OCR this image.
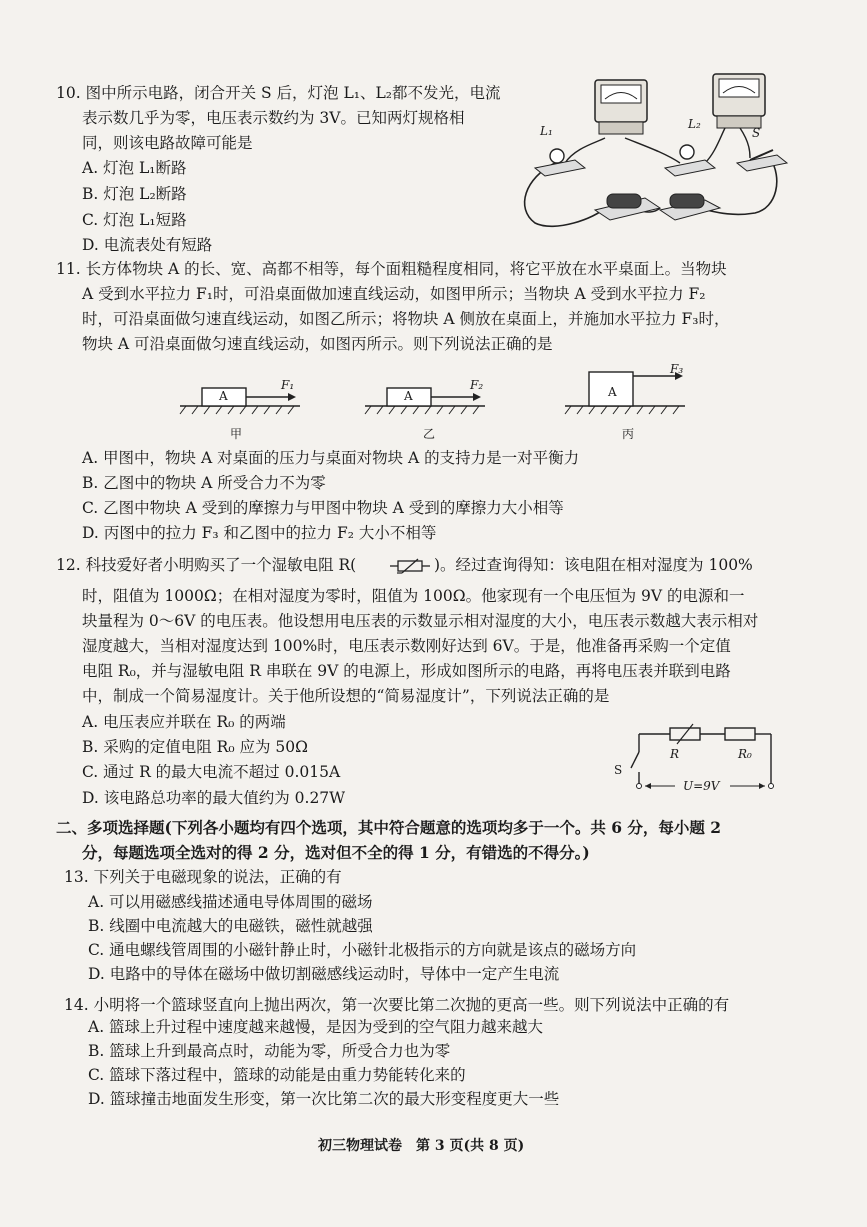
10. 图中所示电路，闭合开关 S 后，灯泡 L₁、L₂都不发光，电流
表示数几乎为零，电压表示数约为 3V。已知两灯规格相
同，则该电路故障可能是
A. 灯泡 L₁断路
B. 灯泡 L₂断路
C. 灯泡 L₁短路
D. 电流表处有短路
L₁	L₂
S
11. 长方体物块 A 的长、宽、高都不相等，每个面粗糙程度相同，将它平放在水平桌面上。当物块
A 受到水平拉力 F₁时，可沿桌面做加速直线运动，如图甲所示；当物块 A 受到水平拉力 F₂
时，可沿桌面做匀速直线运动，如图乙所示；将物块 A 侧放在桌面上，并施加水平拉力 F₃时，
物块 A 可沿桌面做匀速直线运动，如图丙所示。则下列说法正确的是
A
F₁
甲
A
F₂
乙
A
F₃
丙
A. 甲图中，物块 A 对桌面的压力与桌面对物块 A 的支持力是一对平衡力
B. 乙图中的物块 A 所受合力不为零
C. 乙图中物块 A 受到的摩擦力与甲图中物块 A 受到的摩擦力大小相等
D. 丙图中的拉力 F₃ 和乙图中的拉力 F₂ 大小不相等
12. 科技爱好者小明购买了一个湿敏电阻 R(	)。经过查询得知：该电阻在相对湿度为 100%
时，阻值为 1000Ω；在相对湿度为零时，阻值为 100Ω。他家现有一个电压恒为 9V 的电源和一
块量程为 0～6V 的电压表。他设想用电压表的示数显示相对湿度的大小，电压表示数越大表示相对
湿度越大，当相对湿度达到 100%时，电压表示数刚好达到 6V。于是，他准备再采购一个定值
电阻 R₀，并与湿敏电阻 R 串联在 9V 的电源上，形成如图所示的电路，再将电压表并联到电路
中，制成一个简易湿度计。关于他所设想的“简易湿度计”，下列说法正确的是
A. 电压表应并联在 R₀ 的两端
B. 采购的定值电阻 R₀ 应为 50Ω
C. 通过 R 的最大电流不超过 0.015A
D. 该电路总功率的最大值约为 0.27W
R	R₀
S
U=9V
二、多项选择题(下列各小题均有四个选项，其中符合题意的选项均多于一个。共 6 分，每小题 2
分，每题选项全选对的得 2 分，选对但不全的得 1 分，有错选的不得分。)
13. 下列关于电磁现象的说法，正确的有
A. 可以用磁感线描述通电导体周围的磁场
B. 线圈中电流越大的电磁铁，磁性就越强
C. 通电螺线管周围的小磁针静止时，小磁针北极指示的方向就是该点的磁场方向
D. 电路中的导体在磁场中做切割磁感线运动时，导体中一定产生电流
14. 小明将一个篮球竖直向上抛出两次，第一次要比第二次抛的更高一些。则下列说法中正确的有
A. 篮球上升过程中速度越来越慢，是因为受到的空气阻力越来越大
B. 篮球上升到最高点时，动能为零，所受合力也为零
C. 篮球下落过程中，篮球的动能是由重力势能转化来的
D. 篮球撞击地面发生形变，第一次比第二次的最大形变程度更大一些
初三物理试卷　第 3 页(共 8 页)
